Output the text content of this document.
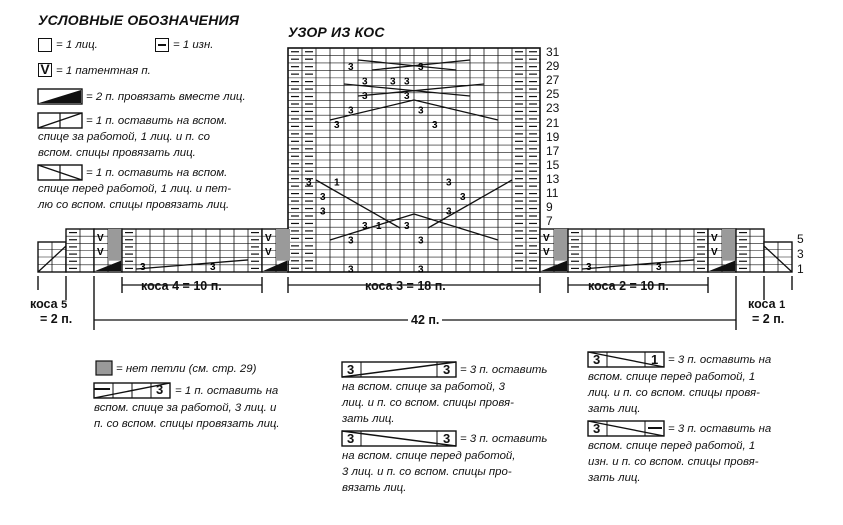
УСЛОВНЫЕ ОБОЗНАЧЕНИЯ
УЗОР ИЗ КОС
= 1 лиц.	= 1 изн.
V
= 1 патентная п.
= 2 п. провязать вместе лиц.
= 1 п. оставить на вспом.
спице за работой, 1 лиц. и п. со
вспом. спицы провязать лиц.
= 1 п. оставить на вспом.
спице перед работой, 1 лиц. и пет-
лю со вспом. спицы провязать лиц.
V
V
V
V
V
V
V
V
3	3
3 3 3
3	3
3	3
3	3
3 1	3
3	3
3	3
3 1 3
3	3
3	3
3	3	3	3
31
29
27
25
23
21
19
17
15
13
11
9
7
5
3
1
коса 5
= 2 п.
коса 4 = 10 п.	коса 3 = 18 п.	коса 2 = 10 п.
коса 1
= 2 п.
42 п.
= нет петли (см. стр. 29)
3 = 1 п. оставить на
вспом. спице за работой, 3 лиц. и
п. со вспом. спицы провязать лиц.
3	3 = 3 п. оставить
на вспом. спице за работой, 3
лиц. и п. со вспом. спицы провя-
зать лиц.
3	3 = 3 п. оставить
на вспом. спице перед работой,
3 лиц. и п. со вспом. спицы про-
вязать лиц.
3	1 = 3 п. оставить на
вспом. спице перед работой, 1
лиц. и п. со вспом. спицы провя-
зать лиц.
3	= 3 п. оставить на
вспом. спице перед работой, 1
изн. и п. со вспом. спицы провя-
зать лиц.
